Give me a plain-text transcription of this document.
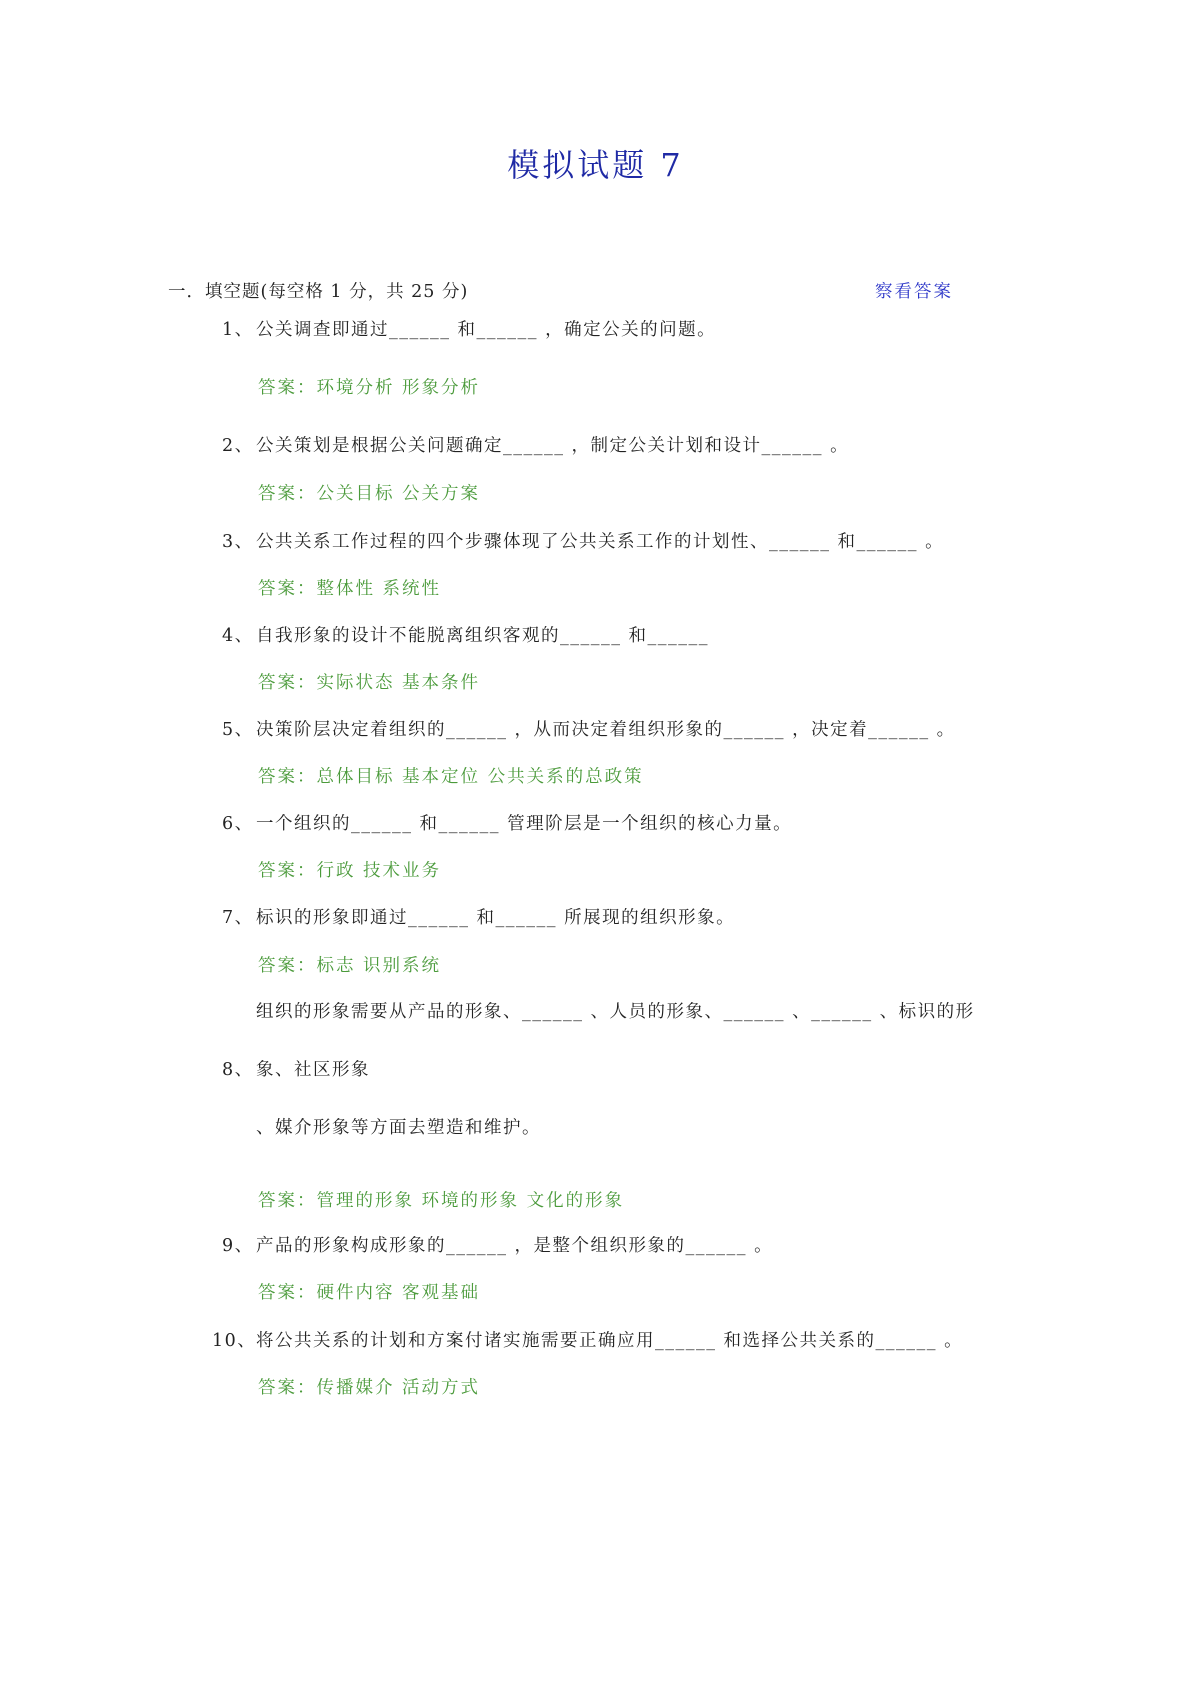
模拟试题 7
一．填空题(每空格 1 分，共 25 分)	察看答案
1、 公关调查即通过______ 和______ ，确定公关的问题。
答案：环境分析 形象分析
2、 公关策划是根据公关问题确定______ ，制定公关计划和设计______ 。
答案：公关目标 公关方案
3、 公共关系工作过程的四个步骤体现了公共关系工作的计划性、______ 和______ 。
答案：整体性 系统性
4、 自我形象的设计不能脱离组织客观的______ 和______
答案：实际状态 基本条件
5、 决策阶层决定着组织的______ ，从而决定着组织形象的______ ，决定着______ 。
答案：总体目标 基本定位 公共关系的总政策
6、 一个组织的______ 和______ 管理阶层是一个组织的核心力量。
答案：行政 技术业务
7、 标识的形象即通过______ 和______ 所展现的组织形象。
答案：标志 识别系统
组织的形象需要从产品的形象、______ 、人员的形象、______ 、______ 、标识的形
8、 象、社区形象
、媒介形象等方面去塑造和维护。
答案：管理的形象 环境的形象 文化的形象
9、 产品的形象构成形象的______ ，是整个组织形象的______ 。
答案：硬件内容 客观基础
10、将公共关系的计划和方案付诸实施需要正确应用______ 和选择公共关系的______ 。
答案：传播媒介 活动方式
